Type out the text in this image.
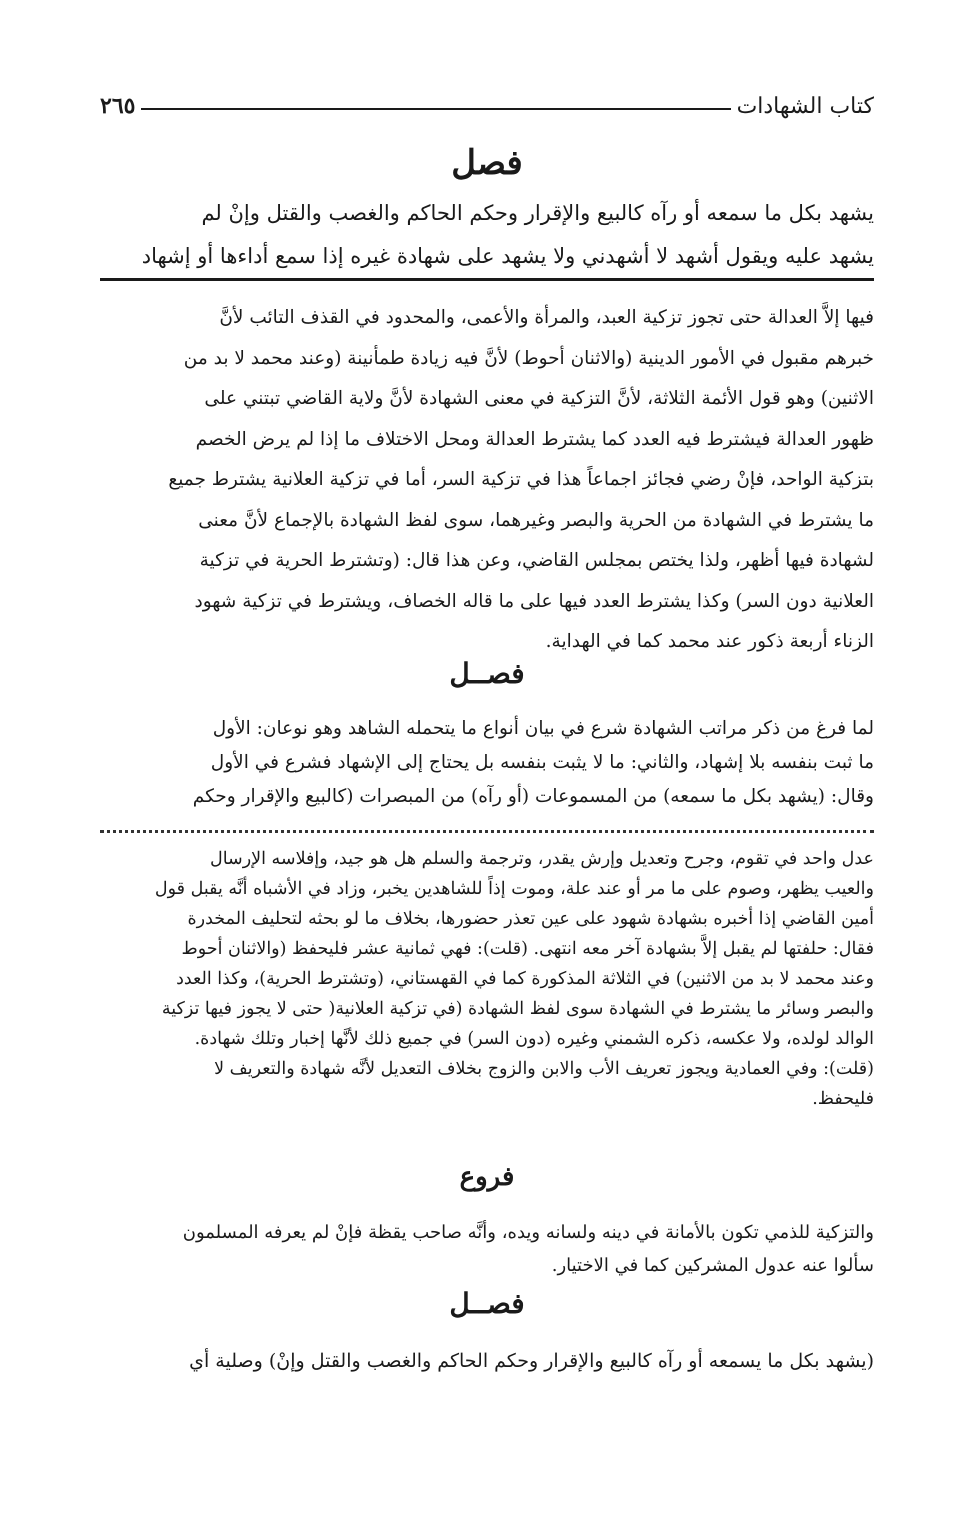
كتاب الشهادات
٢٦٥
فصل
يشهد بكل ما سمعه أو رآه كالبيع والإقرار وحكم الحاكم والغصب والقتل وإنْ لم
يشهد عليه ويقول أشهد لا أشهدني ولا يشهد على شهادة غيره إذا سمع أداءها أو إشهاد
فيها إلاَّ العدالة حتى تجوز تزكية العبد، والمرأة والأعمى، والمحدود في القذف التائب لأنَّ
خبرهم مقبول في الأمور الدينية (والاثنان أحوط) لأنَّ فيه زيادة طمأنينة (وعند محمد لا بد من
الاثنين) وهو قول الأئمة الثلاثة، لأنَّ التزكية في معنى الشهادة لأنَّ ولاية القاضي تبتني على
ظهور العدالة فيشترط فيه العدد كما يشترط العدالة ومحل الاختلاف ما إذا لم يرض الخصم
بتزكية الواحد، فإنْ رضي فجائز اجماعاً هذا في تزكية السر، أما في تزكية العلانية يشترط جميع
ما يشترط في الشهادة من الحرية والبصر وغيرهما، سوى لفظ الشهادة بالإجماع لأنَّ معنى
لشهادة فيها أظهر، ولذا يختص بمجلس القاضي، وعن هذا قال: (وتشترط الحرية في تزكية
العلانية دون السر) وكذا يشترط العدد فيها على ما قاله الخصاف، ويشترط في تزكية شهود
الزناء أربعة ذكور عند محمد كما في الهداية.
فصــل
لما فرغ من ذكر مراتب الشهادة شرع في بيان أنواع ما يتحمله الشاهد وهو نوعان: الأول
ما ثبت بنفسه بلا إشهاد، والثاني: ما لا يثبت بنفسه بل يحتاج إلى الإشهاد فشرع في الأول
وقال: (يشهد بكل ما سمعه) من المسموعات (أو رآه) من المبصرات (كالبيع والإقرار وحكم
عدل واحد في تقوم، وجرح وتعديل وإرش يقدر، وترجمة والسلم هل هو جيد، وإفلاسه الإرسال
والعيب يظهر، وصوم على ما مر أو عند علة، وموت إذاً للشاهدين يخبر، وزاد في الأشباه أنَّه يقبل قول
أمين القاضي إذا أخبره بشهادة شهود على عين تعذر حضورها، بخلاف ما لو بحثه لتحليف المخدرة
فقال: حلفتها لم يقبل إلاَّ بشهادة آخر معه انتهى. (قلت): فهي ثمانية عشر فليحفظ (والاثنان أحوط
وعند محمد لا بد من الاثنين) في الثلاثة المذكورة كما في القهستاني، (وتشترط الحرية)، وكذا العدد
والبصر وسائر ما يشترط في الشهادة سوى لفظ الشهادة (في تزكية العلانية( حتى لا يجوز فيها تزكية
الوالد لولده، ولا عكسه، ذكره الشمني وغيره (دون السر) في جميع ذلك لأنَّها إخبار وتلك شهادة.
(قلت): وفي العمادية ويجوز تعريف الأب والابن والزوج بخلاف التعديل لأنَّه شهادة والتعريف لا
فليحفظ.
فروع
والتزكية للذمي تكون بالأمانة في دينه ولسانه ويده، وأنَّه صاحب يقظة فإنْ لم يعرفه المسلمون
سألوا عنه عدول المشركين كما في الاختيار.
فصــل
(يشهد بكل ما يسمعه أو رآه كالبيع والإقرار وحكم الحاكم والغصب والقتل وإنْ) وصلية أي
